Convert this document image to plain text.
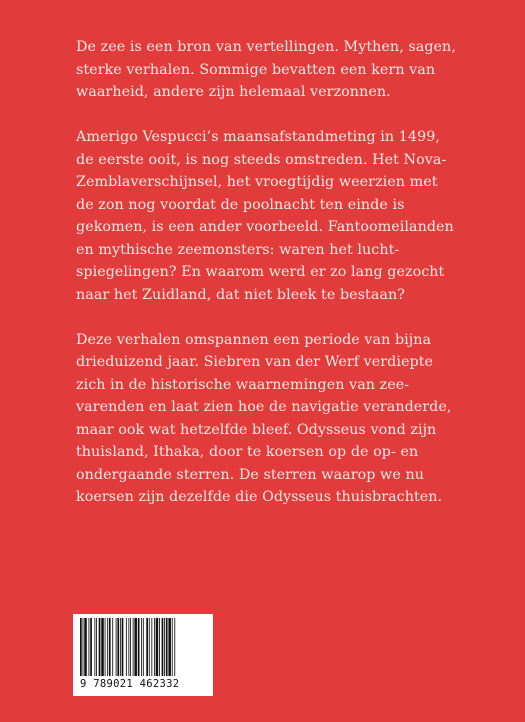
De zee is een bron van vertellingen. Mythen, sagen,
sterke verhalen. Sommige bevatten een kern van
waarheid, andere zijn helemaal verzonnen.

Amerigo Vespucci’s maansafstandmeting in 1499,
de eerste ooit, is nog steeds omstreden. Het Nova-
Zemblaverschijnsel, het vroegtijdig weerzien met
de zon nog voordat de poolnacht ten einde is
gekomen, is een ander voorbeeld. Fantoomeilanden
en mythische zeemonsters: waren het lucht-
spiegelingen? En waarom werd er zo lang gezocht
naar het Zuidland, dat niet bleek te bestaan?

Deze verhalen omspannen een periode van bijna
drieduizend jaar. Siebren van der Werf verdiepte
zich in de historische waarnemingen van zee-
varenden en laat zien hoe de navigatie veranderde,
maar ook wat hetzelfde bleef. Odysseus vond zijn
thuisland, Ithaka, door te koersen op de op- en
ondergaande sterren. De sterren waarop we nu
koersen zijn dezelfde die Odysseus thuisbrachten.

9 789021 462332
